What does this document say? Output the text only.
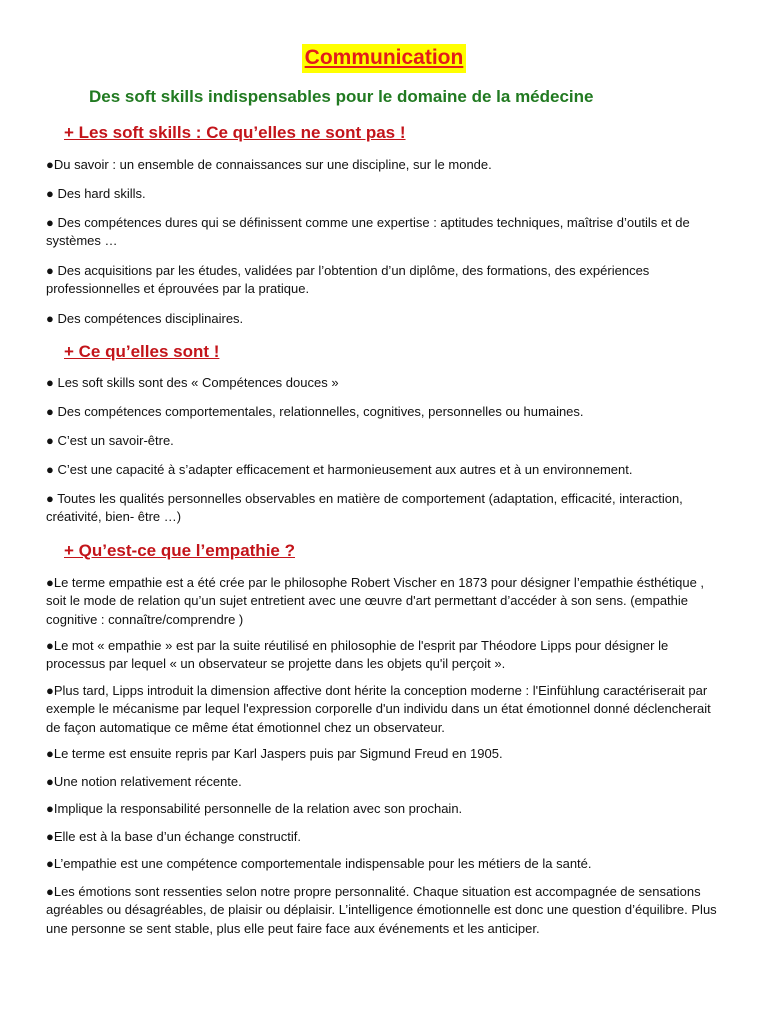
Communication
Des soft skills indispensables pour le domaine de la médecine
+ Les soft skills : Ce qu’elles ne sont pas !
●Du savoir : un ensemble de connaissances sur une discipline, sur le monde.
● Des hard skills.
● Des compétences dures qui se définissent comme une expertise : aptitudes techniques, maîtrise d’outils et de systèmes …
● Des acquisitions par les études, validées par l’obtention d’un diplôme, des formations, des expériences professionnelles et éprouvées par la pratique.
● Des compétences disciplinaires.
+ Ce qu’elles sont !
● Les soft skills sont des « Compétences douces »
● Des compétences comportementales, relationnelles, cognitives, personnelles ou humaines.
● C’est un savoir-être.
● C’est une capacité à s’adapter efficacement et harmonieusement aux autres et à un environnement.
● Toutes les qualités personnelles observables en matière de comportement (adaptation, efficacité, interaction, créativité, bien- être …)
+ Qu’est-ce que l’empathie ?
●Le terme empathie est a été crée par le philosophe Robert Vischer en 1873 pour désigner l’empathie ésthétique , soit le mode de relation qu’un sujet entretient avec une œuvre d'art permettant d’accéder à son sens. (empathie cognitive : connaître/comprendre )
●Le mot « empathie » est par la suite réutilisé en philosophie de l'esprit par Théodore Lipps pour désigner le processus par lequel « un observateur se projette dans les objets qu'il perçoit ».
●Plus tard, Lipps introduit la dimension affective dont hérite la conception moderne : l'Einfühlung caractériserait par exemple le mécanisme par lequel l'expression corporelle d'un individu dans un état émotionnel donné déclencherait de façon automatique ce même état émotionnel chez un observateur.
●Le terme est ensuite repris par Karl Jaspers puis par Sigmund Freud en 1905.
●Une notion relativement récente.
●Implique la responsabilité personnelle de la relation avec son prochain.
●Elle est à la base d’un échange constructif.
●L’empathie est une compétence comportementale indispensable pour les métiers de la santé.
●Les émotions sont ressenties selon notre propre personnalité. Chaque situation est accompagnée de sensations agréables ou désagréables, de plaisir ou déplaisir. L’intelligence émotionnelle est donc une question d’équilibre. Plus une personne se sent stable, plus elle peut faire face aux événements et les anticiper.
